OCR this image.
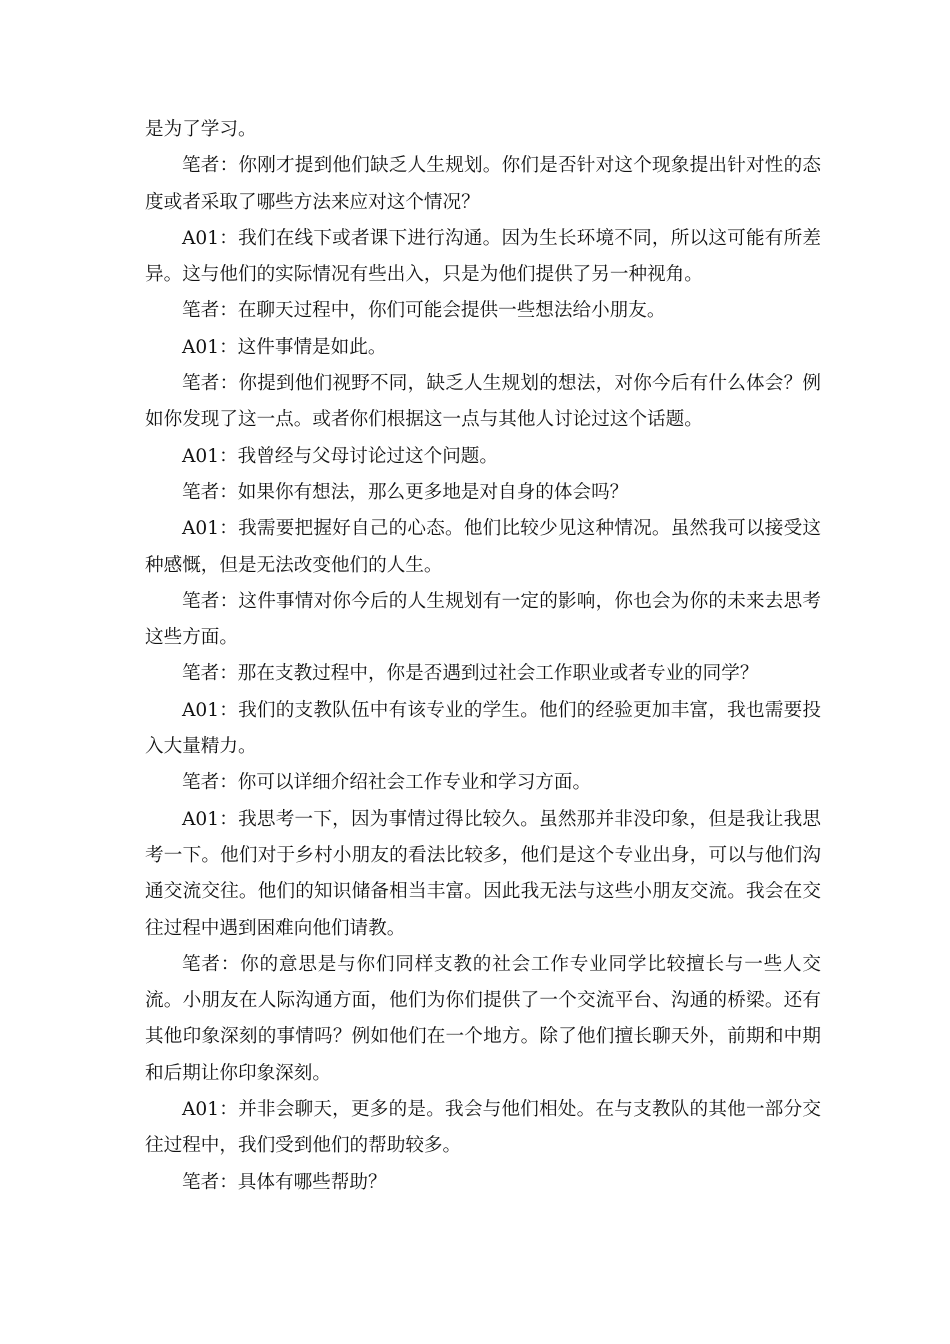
是为了学习。

笔者：你刚才提到他们缺乏人生规划。你们是否针对这个现象提出针对性的态度或者采取了哪些方法来应对这个情况？

A01：我们在线下或者课下进行沟通。因为生长环境不同，所以这可能有所差异。这与他们的实际情况有些出入，只是为他们提供了另一种视角。

笔者：在聊天过程中，你们可能会提供一些想法给小朋友。

A01：这件事情是如此。

笔者：你提到他们视野不同，缺乏人生规划的想法，对你今后有什么体会？例如你发现了这一点。或者你们根据这一点与其他人讨论过这个话题。

A01：我曾经与父母讨论过这个问题。

笔者：如果你有想法，那么更多地是对自身的体会吗？

A01：我需要把握好自己的心态。他们比较少见这种情况。虽然我可以接受这种感慨，但是无法改变他们的人生。

笔者：这件事情对你今后的人生规划有一定的影响，你也会为你的未来去思考这些方面。

笔者：那在支教过程中，你是否遇到过社会工作职业或者专业的同学？

A01：我们的支教队伍中有该专业的学生。他们的经验更加丰富，我也需要投入大量精力。

笔者：你可以详细介绍社会工作专业和学习方面。

A01：我思考一下，因为事情过得比较久。虽然那并非没印象，但是我让我思考一下。他们对于乡村小朋友的看法比较多，他们是这个专业出身，可以与他们沟通交流交往。他们的知识储备相当丰富。因此我无法与这些小朋友交流。我会在交往过程中遇到困难向他们请教。

笔者：你的意思是与你们同样支教的社会工作专业同学比较擅长与一些人交流。小朋友在人际沟通方面，他们为你们提供了一个交流平台、沟通的桥梁。还有其他印象深刻的事情吗？例如他们在一个地方。除了他们擅长聊天外，前期和中期和后期让你印象深刻。

A01：并非会聊天，更多的是。我会与他们相处。在与支教队的其他一部分交往过程中，我们受到他们的帮助较多。

笔者：具体有哪些帮助？
